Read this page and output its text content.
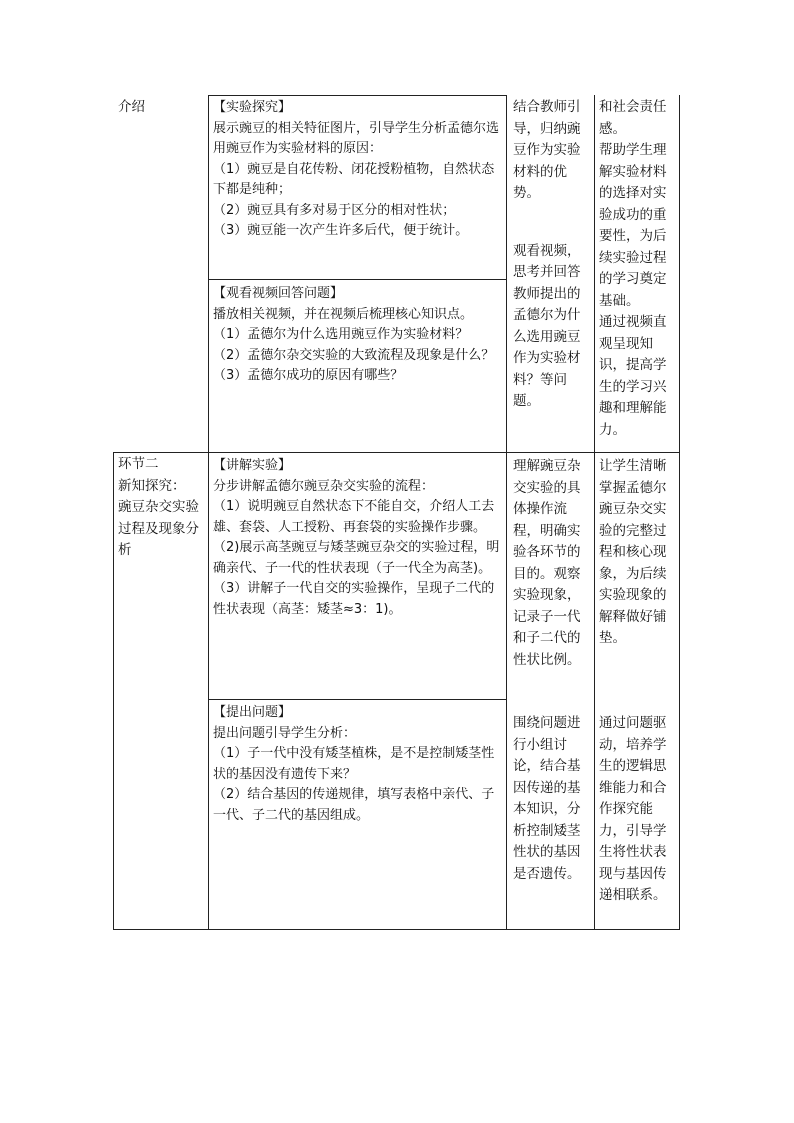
介绍	【实验探究】

展示豌豆的相关特征图片，引导学生分析孟德尔选用豌豆作为实验材料的原因：

（1）豌豆是自花传粉、闭花授粉植物，自然状态下都是纯种；

（2）豌豆具有多对易于区分的相对性状；

（3）豌豆能一次产生许多后代，便于统计。

【观看视频回答问题】

播放相关视频，并在视频后梳理核心知识点。

（1）孟德尔为什么选用豌豆作为实验材料？

（2）孟德尔杂交实验的大致流程及现象是什么？

（3）孟德尔成功的原因有哪些？

结合教师引导，归纳豌豆作为实验材料的优势。

观看视频，思考并回答教师提出的孟德尔为什么选用豌豆作为实验材料？等问题。

和社会责任感。

帮助学生理解实验材料的选择对实验成功的重要性，为后续实验过程的学习奠定基础。

通过视频直观呈现知识，提高学生的学习兴趣和理解能力。

环节二

新知探究：

豌豆杂交实验过程及现象分析

【讲解实验】

分步讲解孟德尔豌豆杂交实验的流程：

（1）说明豌豆自然状态下不能自交，介绍人工去雄、套袋、人工授粉、再套袋的实验操作步骤。

（2)展示高茎豌豆与矮茎豌豆杂交的实验过程，明确亲代、子一代的性状表现（子一代全为高茎)。

（3）讲解子一代自交的实验操作，呈现子二代的性状表现（高茎：矮茎≈3：1)。

【提出问题】

提出问题引导学生分析：

（1）子一代中没有矮茎植株，是不是控制矮茎性状的基因没有遗传下来？

（2）结合基因的传递规律，填写表格中亲代、子一代、子二代的基因组成。

理解豌豆杂交实验的具体操作流程，明确实验各环节的目的。观察实验现象，记录子一代和子二代的性状比例。

围绕问题进行小组讨论，结合基因传递的基本知识，分析控制矮茎性状的基因是否遗传。

让学生清晰掌握孟德尔豌豆杂交实验的完整过程和核心现象，为后续实验现象的解释做好铺垫。

通过问题驱动，培养学生的逻辑思维能力和合作探究能力，引导学生将性状表现与基因传递相联系。
